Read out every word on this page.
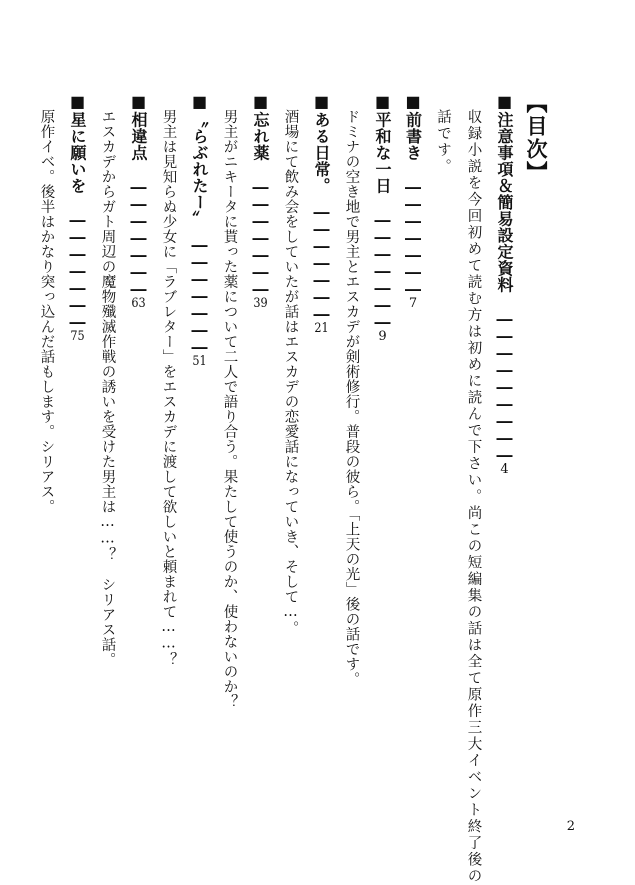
【目次】
■注意事項＆簡易設定資料　―――――――――4
収録小説を今回初めて読む方は初めに読んで下さい。尚この短編集の話は全て原作三大イベント終了後の
話です。
■前書き　―――――――7
■平和な一日　―――――――9
ドミナの空き地で男主とエスカデが剣術修行。普段の彼ら。「上天の光」後の話です。
■ある日常。　―――――――21
酒場にて飲み会をしていたが話はエスカデの恋愛話になっていき、そして…。
■忘れ薬　―――――――39
男主がニキータに貰った薬について二人で語り合う。果たして使うのか、使わないのか？
■〝らぶれたー〟　―――――――51
男主は見知らぬ少女に「ラブレター」をエスカデに渡して欲しいと頼まれて……？
■相違点　―――――――63
エスカデからガト周辺の魔物殲滅作戦の誘いを受けた男主は……？　シリアス話。
■星に願いを　―――――――75
原作イベ。後半はかなり突っ込んだ話もします。シリアス。
2
